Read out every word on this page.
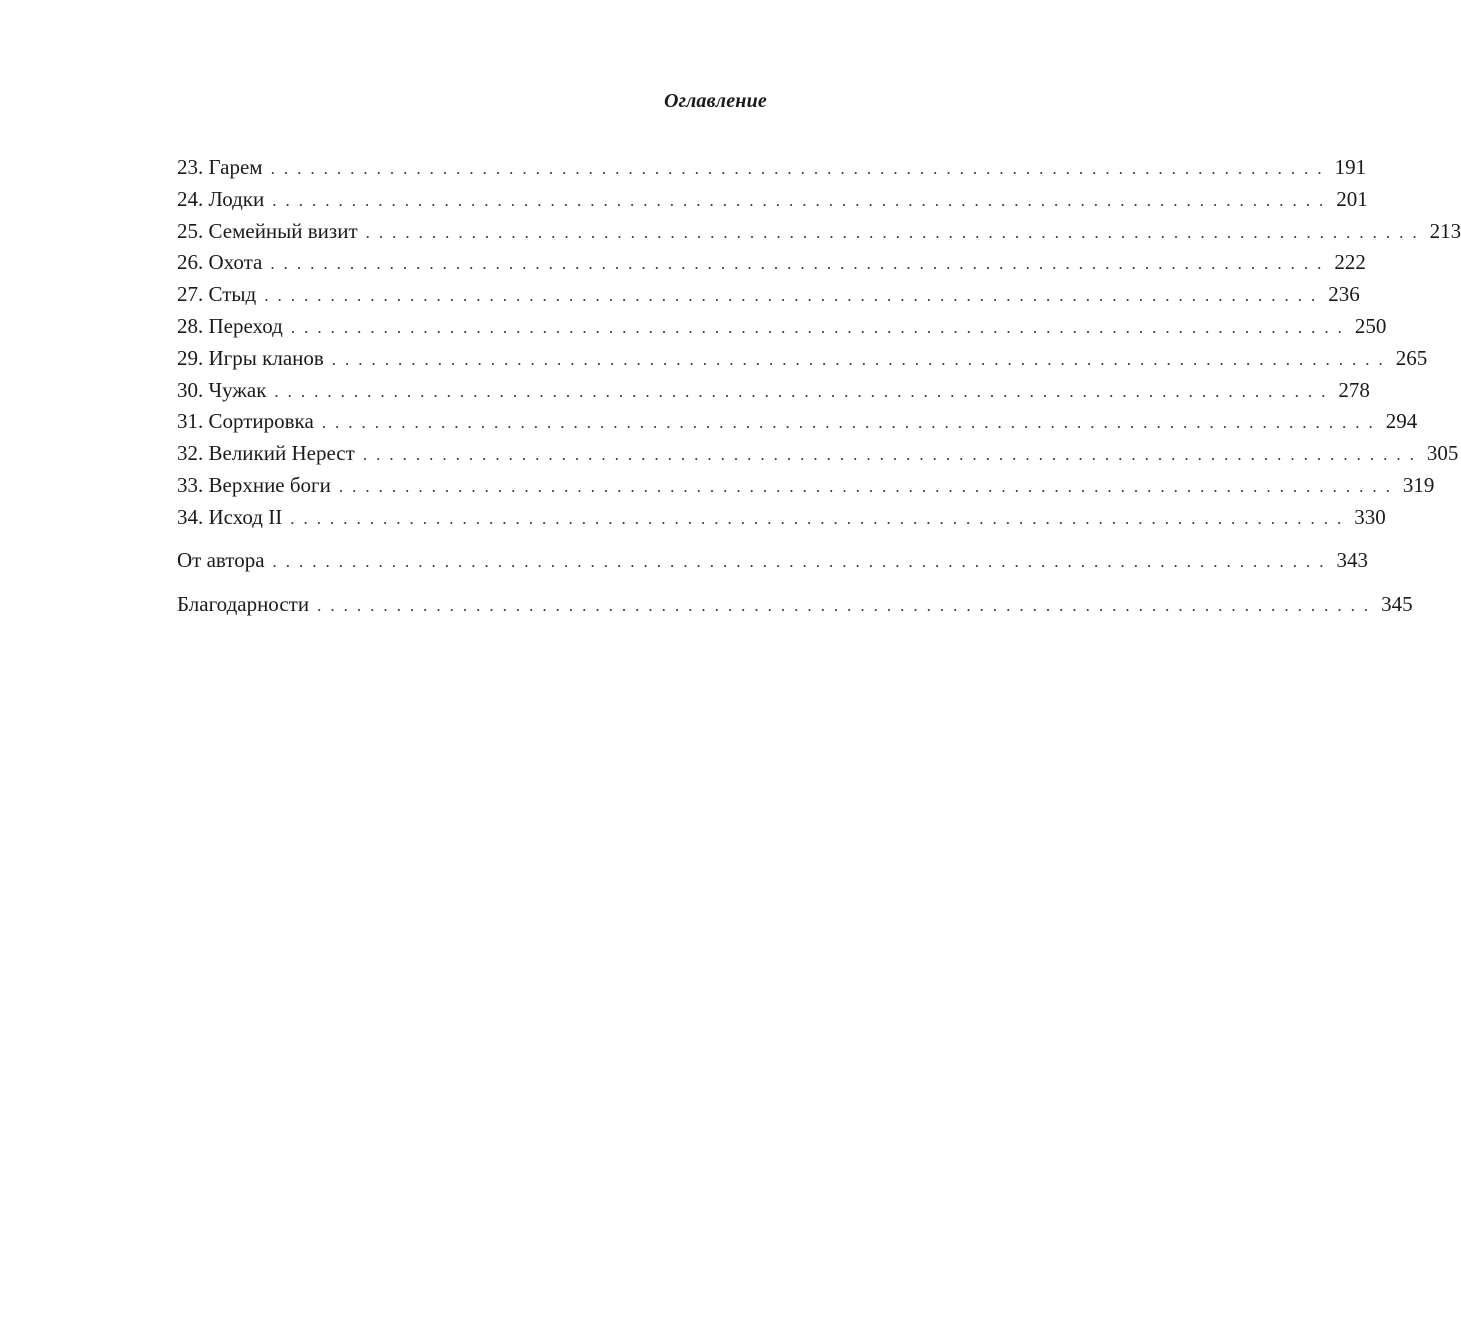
Оглавление
23. Гарем ................................................................................ 191
24. Лодки ................................................................................ 201
25. Семейный визит ................................................................................ 213
26. Охота ................................................................................ 222
27. Стыд ................................................................................ 236
28. Переход ................................................................................ 250
29. Игры кланов ................................................................................ 265
30. Чужак ................................................................................ 278
31. Сортировка ................................................................................ 294
32. Великий Нерест ................................................................................ 305
33. Верхние боги ................................................................................ 319
34. Исход II ................................................................................ 330
От автора ................................................................................ 343
Благодарности ................................................................................ 345
